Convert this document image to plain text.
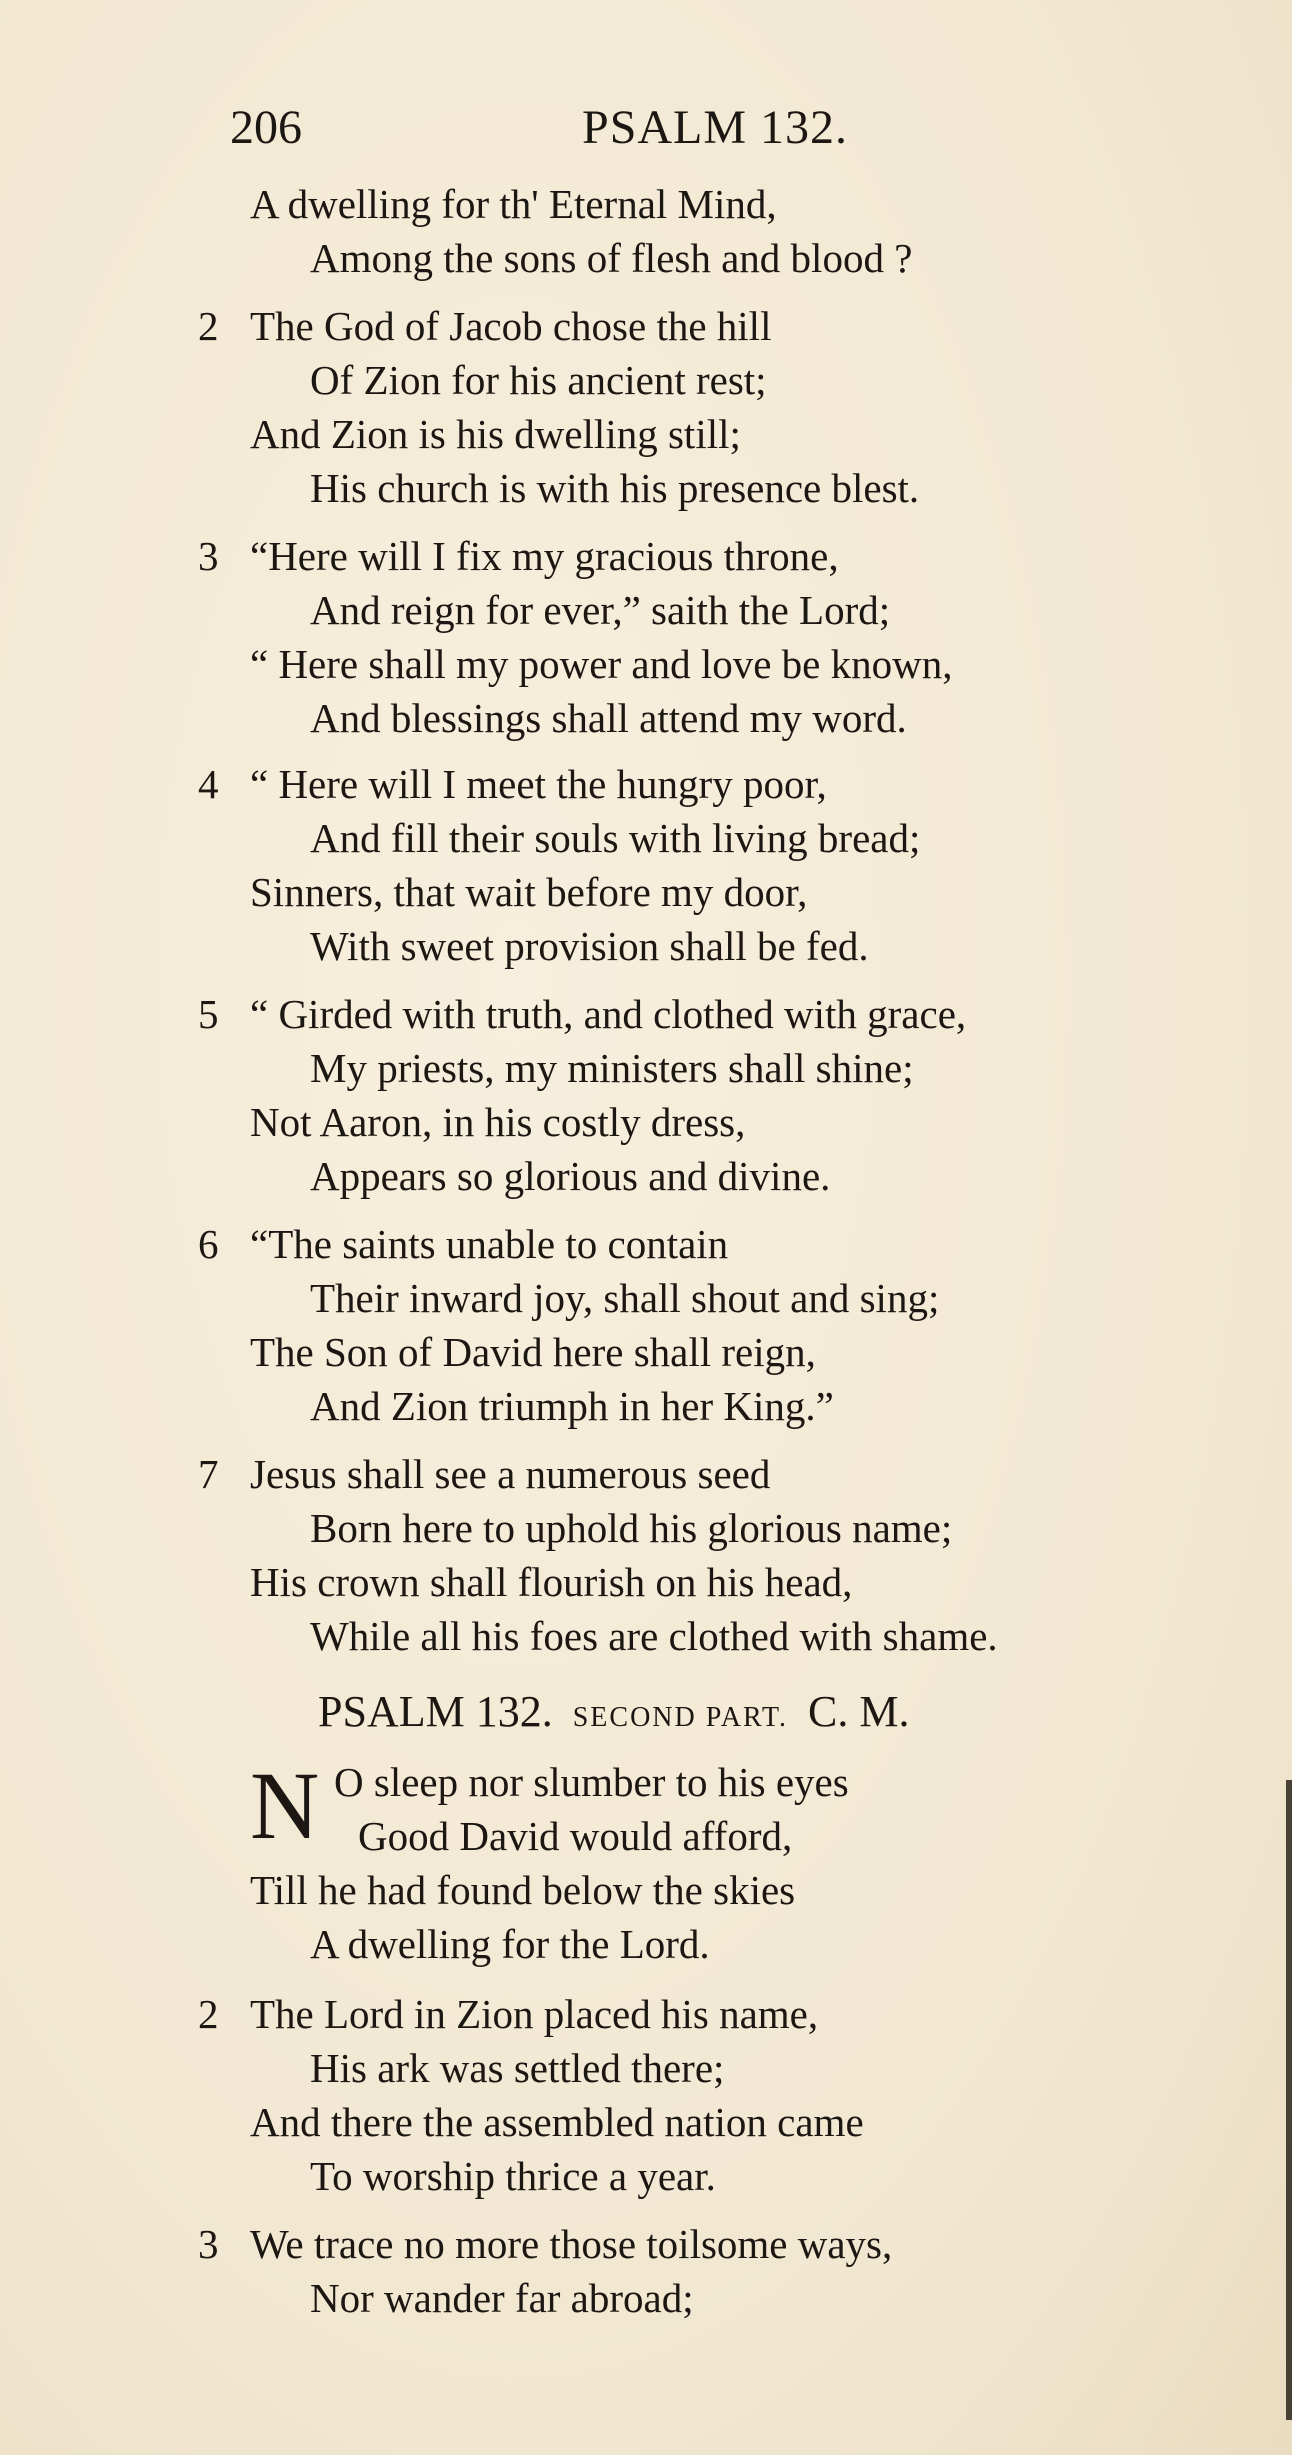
206	PSALM 132.
A dwelling for th' Eternal Mind,
Among the sons of flesh and blood ?
2 The God of Jacob chose the hill
Of Zion for his ancient rest;
And Zion is his dwelling still;
His church is with his presence blest.
3 “Here will I fix my gracious throne,
And reign for ever,” saith the Lord;
“ Here shall my power and love be known,
And blessings shall attend my word.
4 “ Here will I meet the hungry poor,
And fill their souls with living bread;
Sinners, that wait before my door,
With sweet provision shall be fed.
5 “ Girded with truth, and clothed with grace,
My priests, my ministers shall shine;
Not Aaron, in his costly dress,
Appears so glorious and divine.
6 “The saints unable to contain
Their inward joy, shall shout and sing;
The Son of David here shall reign,
And Zion triumph in her King.”
7 Jesus shall see a numerous seed
Born here to uphold his glorious name;
His crown shall flourish on his head,
While all his foes are clothed with shame.
PSALM 132. SECOND PART. C. M.
N O sleep nor slumber to his eyes
Good David would afford,
Till he had found below the skies
A dwelling for the Lord.
2 The Lord in Zion placed his name,
His ark was settled there;
And there the assembled nation came
To worship thrice a year.
3 We trace no more those toilsome ways,
Nor wander far abroad;
